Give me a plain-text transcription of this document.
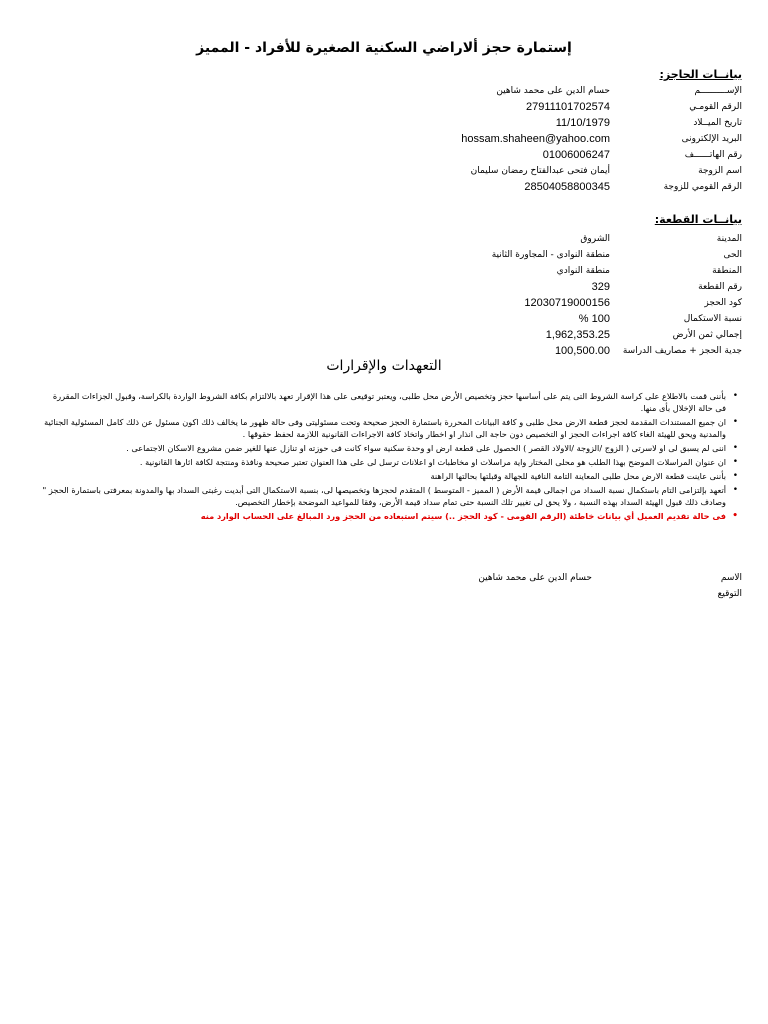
إستمارة حجز ألاراضي السكنية الصغيرة للأفراد - المميز
بيانــات الحاجز:
الإســــــــــم
حسام الدين على محمد شاهين
الرقم القومـي
27911101702574
تاريخ الميــلاد
11/10/1979
البريد الإلكترونى
hossam.shaheen@yahoo.com
رقم الهاتــــــف
01006006247
اسم الزوجة
أيمان فتحى عبدالفتاح رمضان سليمان
الرقم القومي للزوجة
28504058800345
بيانــات القطعة:
المدينة
الشروق
الحى
منطقة النوادى - المجاورة الثانية
المنطقة
منطقة النوادي
رقم القطعة
329
كود الحجز
12030719000156
نسبة الاستكمال
100 %
إجمالي ثمن الأرض
1,962,353.25
جدية الحجز + مصاريف الدراسة
100,500.00
التعهدات والإقرارات
• بأننى قمت بالاطلاع على كراسة الشروط التى يتم على أساسها حجز وتخصيص الأرض محل طلبى، ويعتبر توقيعى على هذا الإقرار تعهد بالالتزام بكافة الشروط الواردة بالكراسة، وقبول الجزاءات المقررة فى حالة الإخلال بأى منها.
• ان جميع المستندات المقدمة لحجز قطعة الارض محل طلبى و كافة البيانات المحررة باستمارة الحجز صحيحة وتحت مسئوليتى وفى حالة ظهور ما يخالف ذلك اكون مسئول عن ذلك كامل المسئولية الجنائية والمدنية ويحق للهيئة الغاء كافة اجراءات الحجز او التخصيص دون حاجة الى انذار او اخطار واتخاذ كافة الاجراءات القانونية اللازمة لحفظ حقوقها .
• اننى لم يسبق لى او لاسرتى ( الزوج /الزوجة /الاولاد القصر ) الحصول على قطعة ارض او وحدة سكنية سواء كانت فى حوزته او تنازل عنها للغير ضمن مشروع الاسكان الاجتماعى .
• ان عنوان المراسلات الموضح بهذا الطلب هو محلى المختار واية مراسلات او مخاطبات او اعلانات ترسل لى على هذا العنوان تعتبر صحيحة ونافذة ومنتجة لكافة اثارها القانونية .
• بأننى عاينت قطعة الارض محل طلبى المعاينة التامة النافية للجهالة وقبلتها بحالتها الراهنة
• أتعهد بإلتزامى التام باستكمال نسبة السداد من اجمالى قيمة الأرض ( المميز - المتوسط ) المتقدم لحجزها وتخصيصها لى، بنسبة الاستكمال التى أبديت رغبتى السداد بها والمدونة بمعرفتى باستمارة الحجز " وصادف ذلك قبول الهيئة السداد بهذه النسبة ، ولا يحق لى تغيير تلك النسبة حتى تمام سداد قيمة الأرض، وفقا للمواعيد الموضحة بإخطار التخصيص.
• فى حالة تقديم العميل أي بيانات خاطئة (الرقم القومى - كود الحجز ..) سيتم استبعاده من الحجز ورد المبالغ على الحساب الوارد منه
الاسم
حسام الدين على محمد شاهين
التوقيع
